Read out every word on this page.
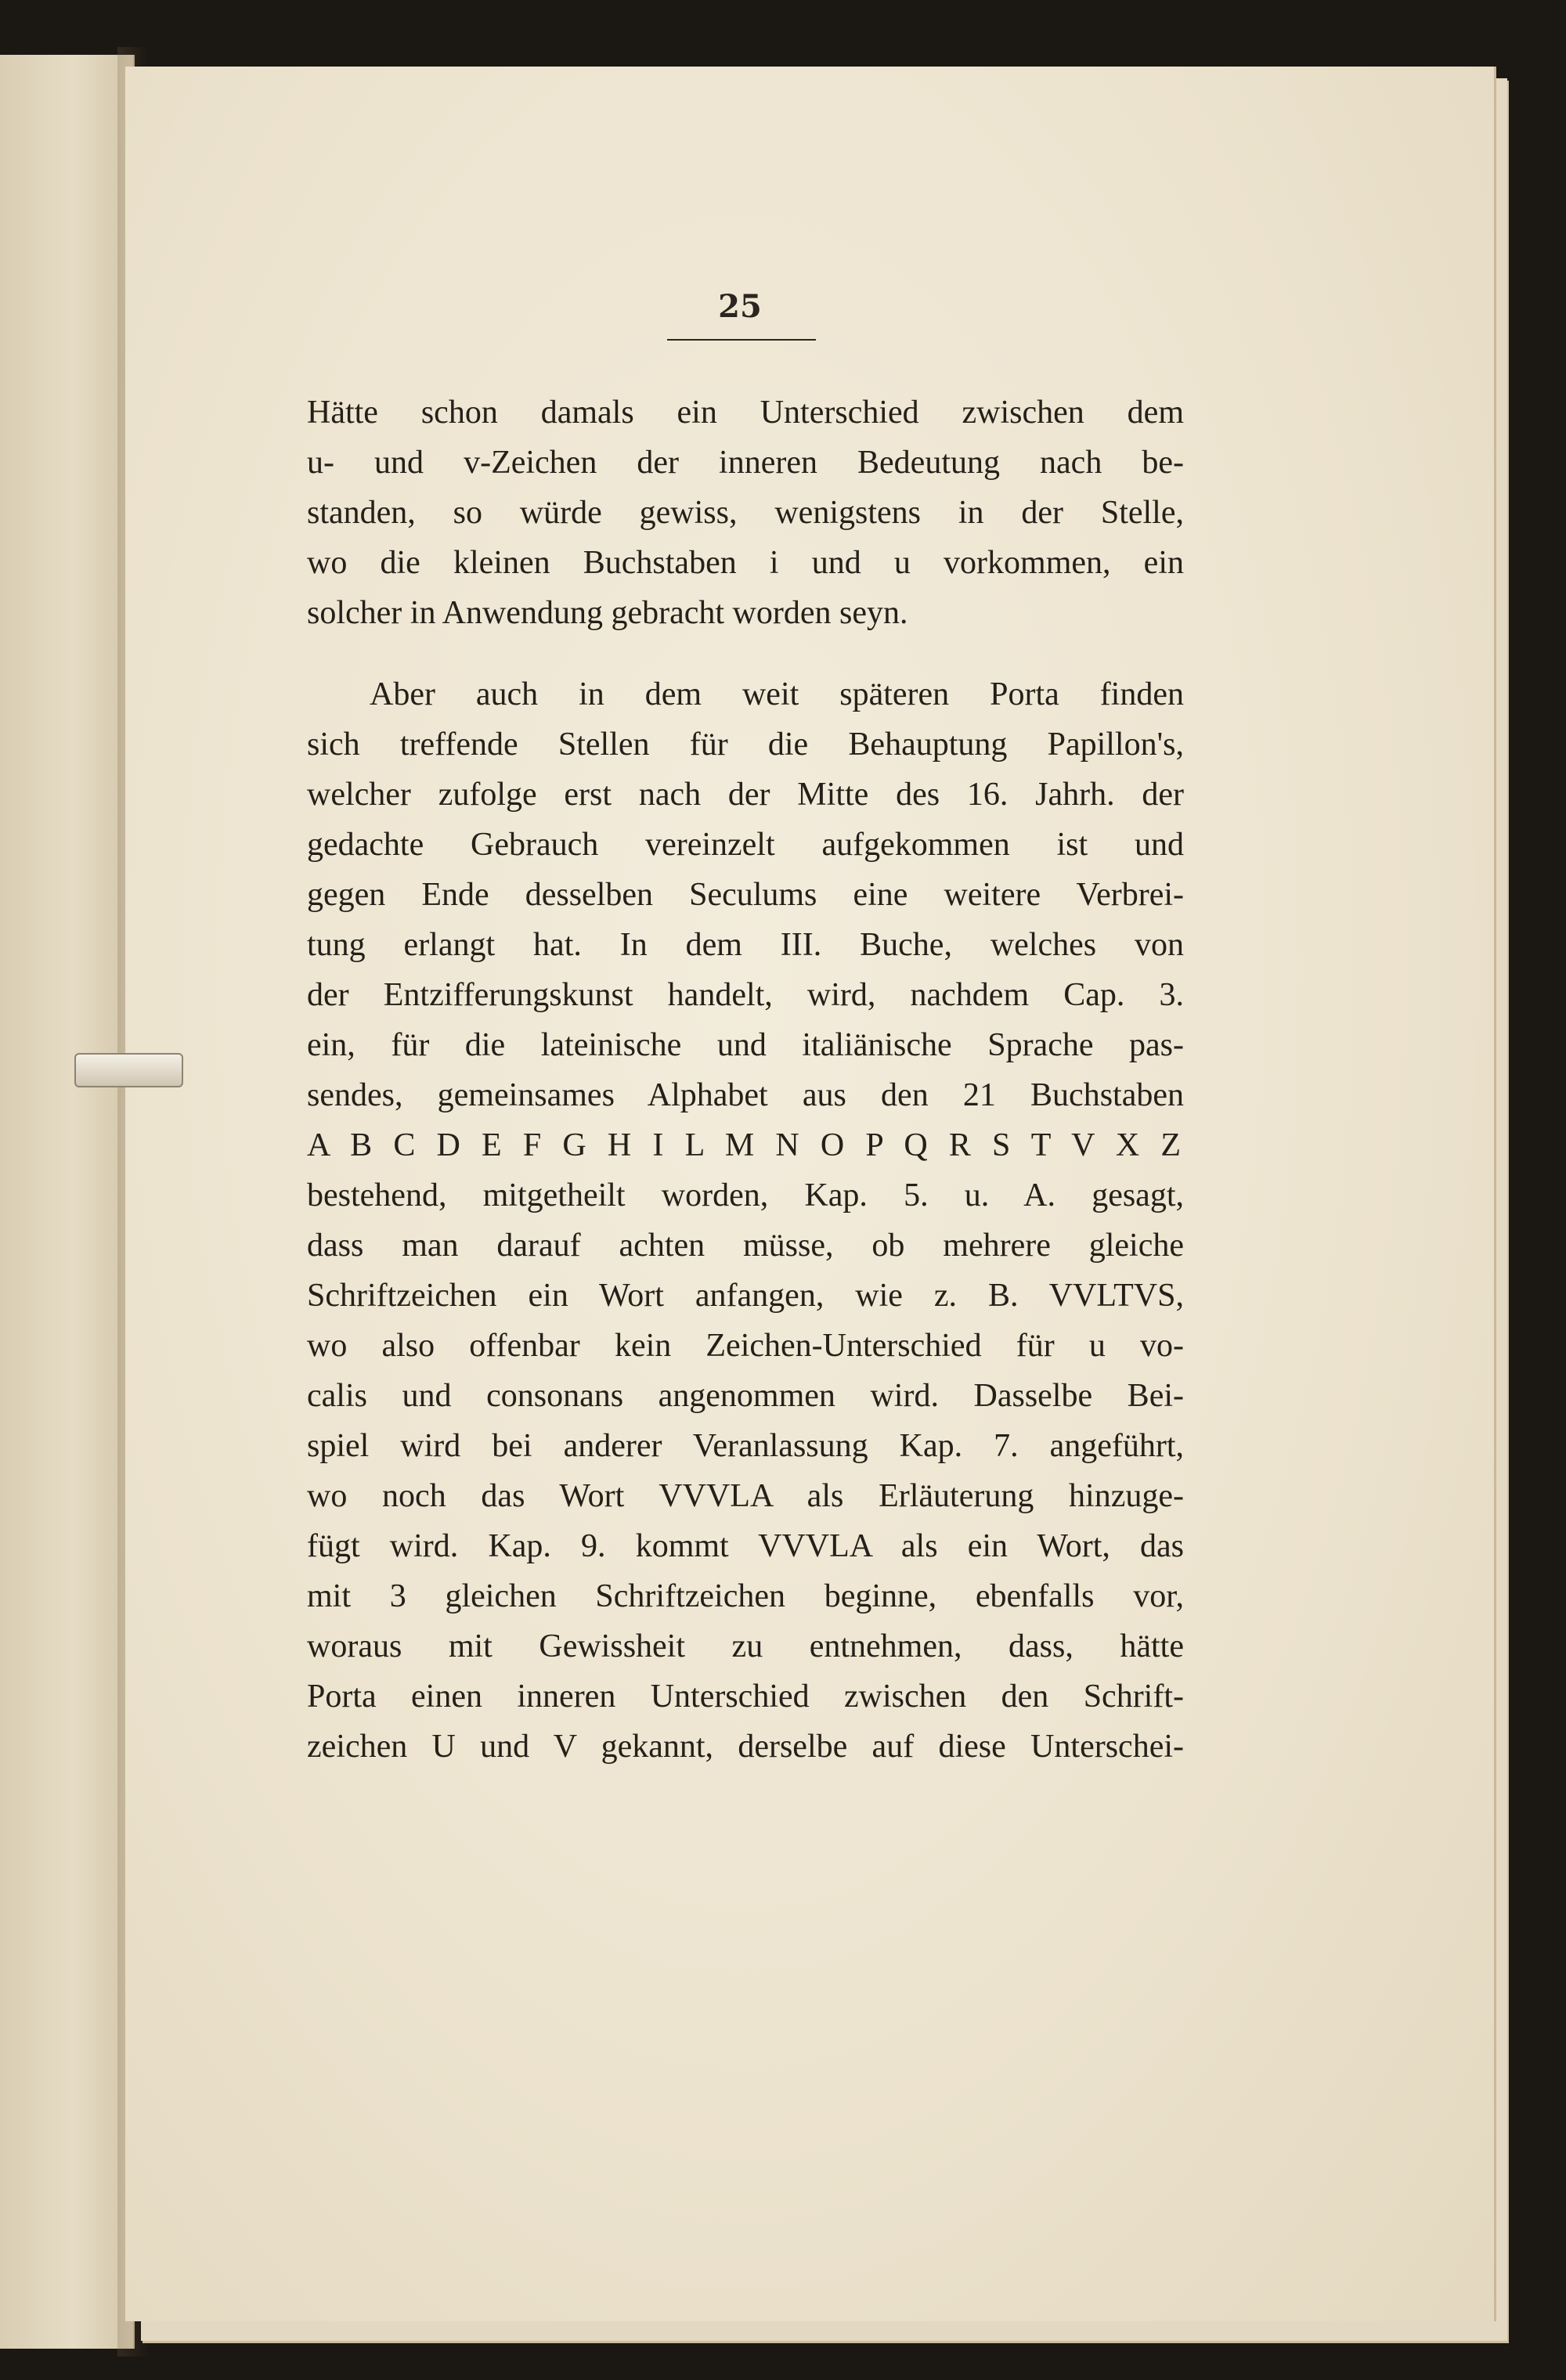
25
Hätte schon damals ein Unterschied zwischen dem
u- und v-Zeichen der inneren Bedeutung nach be-
standen, so würde gewiss, wenigstens in der Stelle,
wo die kleinen Buchstaben i und u vorkommen, ein
solcher in Anwendung gebracht worden seyn.
Aber auch in dem weit späteren Porta finden
sich treffende Stellen für die Behauptung Papillon's,
welcher zufolge erst nach der Mitte des 16. Jahrh. der
gedachte Gebrauch vereinzelt aufgekommen ist und
gegen Ende desselben Seculums eine weitere Verbrei-
tung erlangt hat. In dem III. Buche, welches von
der Entzifferungskunst handelt, wird, nachdem Cap. 3.
ein, für die lateinische und italiänische Sprache pas-
sendes, gemeinsames Alphabet aus den 21 Buchstaben
A B C D E F G H I L M N O P Q R S T V X Z
bestehend, mitgetheilt worden, Kap. 5. u. A. gesagt,
dass man darauf achten müsse, ob mehrere gleiche
Schriftzeichen ein Wort anfangen, wie z. B. VVLTVS,
wo also offenbar kein Zeichen-Unterschied für u vo-
calis und consonans angenommen wird. Dasselbe Bei-
spiel wird bei anderer Veranlassung Kap. 7. angeführt,
wo noch das Wort VVVLA als Erläuterung hinzuge-
fügt wird. Kap. 9. kommt VVVLA als ein Wort, das
mit 3 gleichen Schriftzeichen beginne, ebenfalls vor,
woraus mit Gewissheit zu entnehmen, dass, hätte
Porta einen inneren Unterschied zwischen den Schrift-
zeichen U und V gekannt, derselbe auf diese Unterschei-
